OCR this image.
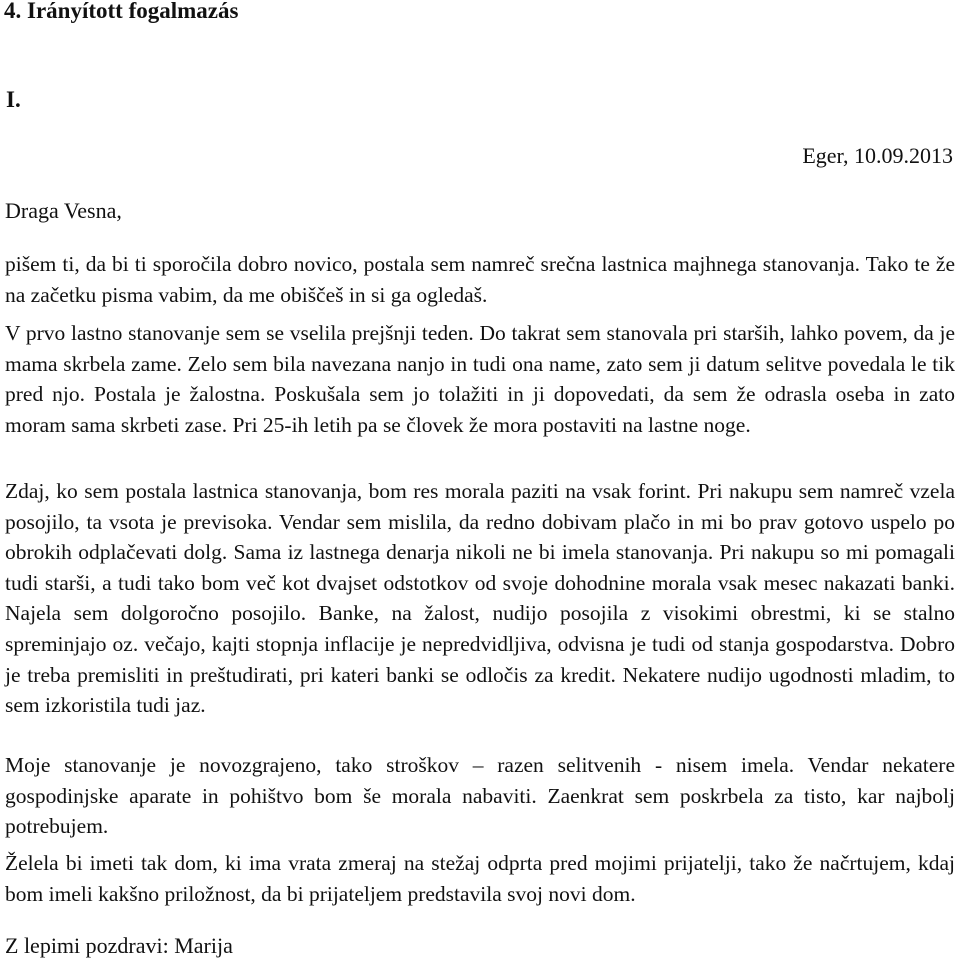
4. Irányított fogalmazás
I.
Eger, 10.09.2013
Draga Vesna,
pišem ti, da bi ti sporočila dobro novico, postala sem namreč srečna lastnica majhnega stanovanja. Tako te že na začetku pisma vabim, da me obiščeš in si ga ogledaš.
V prvo lastno stanovanje sem se vselila prejšnji teden. Do takrat sem stanovala pri starših, lahko povem, da je mama skrbela zame. Zelo sem bila navezana nanjo in tudi ona name, zato sem ji datum selitve povedala le tik pred njo. Postala je žalostna. Poskušala sem jo tolažiti in ji dopovedati, da sem že odrasla oseba in zato moram sama skrbeti zase. Pri 25-ih letih pa se človek že mora postaviti na lastne noge.
Zdaj, ko sem postala lastnica stanovanja, bom res morala paziti na vsak forint. Pri nakupu sem namreč vzela posojilo, ta vsota je previsoka. Vendar sem mislila, da redno dobivam plačo in mi bo prav gotovo uspelo po obrokih odplačevati dolg. Sama iz lastnega denarja nikoli ne bi imela stanovanja. Pri nakupu so mi pomagali tudi starši, a tudi tako bom več kot dvajset odstotkov od svoje dohodnine morala vsak mesec nakazati banki. Najela sem dolgoročno posojilo. Banke, na žalost, nudijo posojila z visokimi obrestmi, ki se stalno spreminjajo oz. večajo, kajti stopnja inflacije je nepredvidljiva, odvisna je tudi od stanja gospodarstva. Dobro je treba premisliti in preštudirati, pri kateri banki se odločis za kredit. Nekatere nudijo ugodnosti mladim, to sem izkoristila tudi jaz.
Moje stanovanje je novozgrajeno, tako stroškov – razen selitvenih - nisem imela. Vendar nekatere gospodinjske aparate in pohištvo bom še morala nabaviti. Zaenkrat sem poskrbela za tisto, kar najbolj potrebujem.
Želela bi imeti tak dom, ki ima vrata zmeraj na stežaj odprta pred mojimi prijatelji, tako že načrtujem, kdaj bom imeli kakšno priložnost, da bi prijateljem predstavila svoj novi dom.
Z lepimi pozdravi: Marija
